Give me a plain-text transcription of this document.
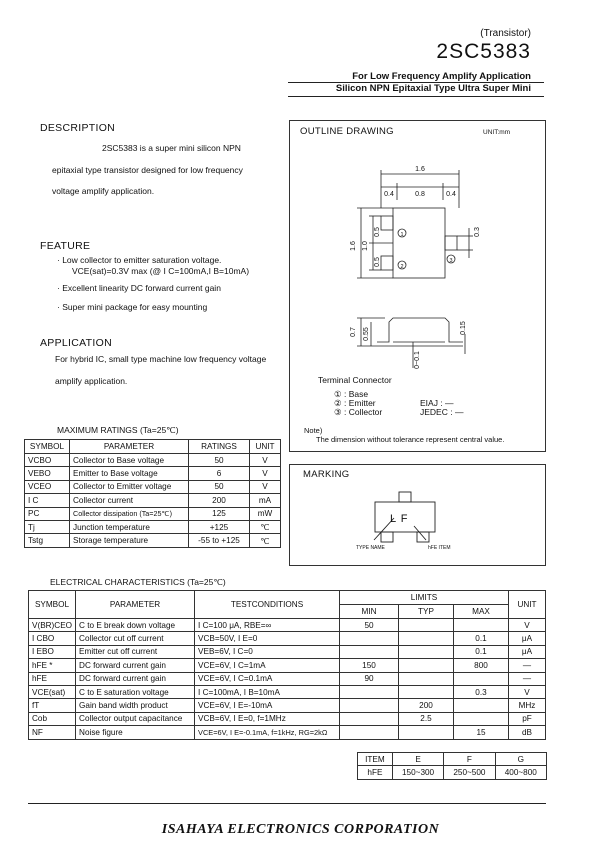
(Transistor)
2SC5383
For Low Frequency Amplify Application
Silicon NPN Epitaxial Type Ultra Super Mini
DESCRIPTION
2SC5383 is a super mini silicon NPN
epitaxial type transistor designed for low frequency
voltage amplify application.
FEATURE
· Low collector to emitter saturation voltage.
VCE(sat)=0.3V max (@ I C=100mA,I B=10mA)
· Excellent linearity DC forward current gain
· Super mini package for easy mounting
APPLICATION
For hybrid IC, small type machine low frequency voltage
amplify application.
OUTLINE DRAWING	UNIT:mm
1.6
0.4	0.8	0.4
1.6 1.0
0.5
0.5
0.3
1
2
3
0.7 0.55	0.15
0~0.1
Terminal Connector
① : Base
② : Emitter
③ : Collector
EIAJ : —
JEDEC : —
Note)
The dimension without tolerance represent central value.
MARKING
L F
TYPE NAME	hFE ITEM
MAXIMUM RATINGS (Ta=25℃)
SYMBOL	PARAMETER	RATINGS	UNIT
VCBO	Collector to Base voltage	50	V
VEBO	Emitter to Base voltage	6	V
VCEO	Collector to Emitter voltage	50	V
I C	Collector current	200	mA
PC	Collector dissipation (Ta=25℃)	125	mW
Tj	Junction temperature	+125	℃
Tstg	Storage temperature	-55 to +125	℃
ELECTRICAL CHARACTERISTICS (Ta=25℃)
SYMBOL	PARAMETER	TESTCONDITIONS	LIMITS			UNIT
			MIN	TYP	MAX	
V(BR)CEO	C to E break down voltage	I C=100 μA, RBE=∞	50			V
I CBO	Collector cut off current	VCB=50V, I E=0			0.1	μA
I EBO	Emitter cut off current	VEB=6V, I C=0			0.1	μA
hFE *	DC forward current gain	VCE=6V, I C=1mA	150		800	—
hFE	DC forward current gain	VCE=6V, I C=0.1mA	90			—
VCE(sat)	C to E saturation voltage	I C=100mA, I B=10mA			0.3	V
fT	Gain band width product	VCE=6V, I E=-10mA		200		MHz
Cob	Collector output capacitance	VCB=6V, I E=0, f=1MHz		2.5		pF
NF	Noise figure	VCE=6V, I E=-0.1mA, f=1kHz, RG=2kΩ			15	dB
ITEM	E	F	G
hFE	150~300	250~500	400~800
ISAHAYA ELECTRONICS CORPORATION
